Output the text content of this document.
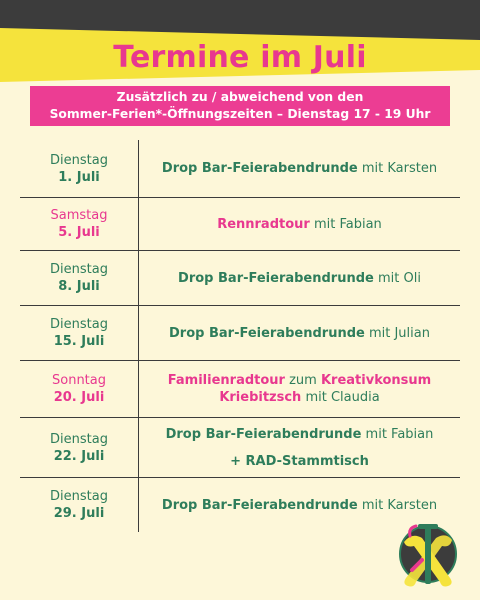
Termine im Juli
Zusätzlich zu / abweichend von den
Sommer-Ferien*-Öffnungszeiten – Dienstag 17 - 19 Uhr
Dienstag
1. Juli
Drop Bar-Feierabendrunde mit Karsten
Samstag
5. Juli
Rennradtour mit Fabian
Dienstag
8. Juli
Drop Bar-Feierabendrunde mit Oli
Dienstag
15. Juli
Drop Bar-Feierabendrunde mit Julian
Sonntag
20. Juli
Familienradtour zum Kreativkonsum
Kriebitzsch mit Claudia
Dienstag
22. Juli
Drop Bar-Feierabendrunde mit Fabian
+ RAD-Stammtisch
Dienstag
29. Juli
Drop Bar-Feierabendrunde mit Karsten
